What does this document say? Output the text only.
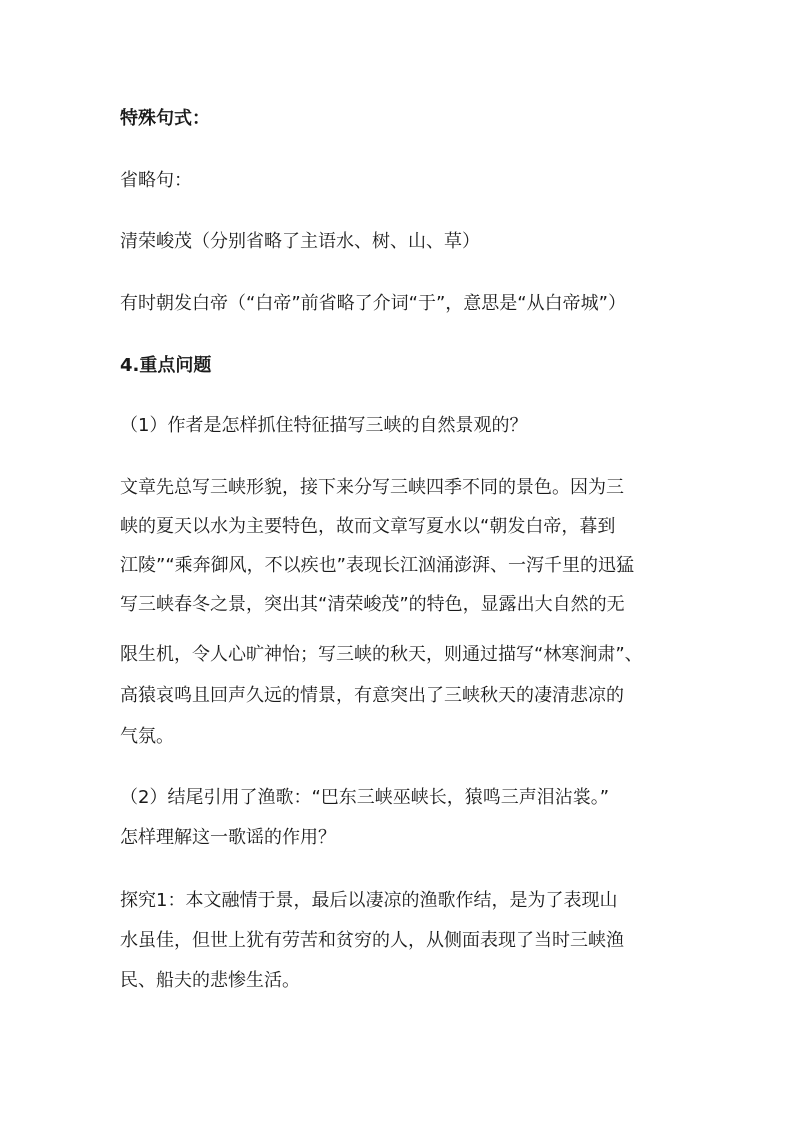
特殊句式：
省略句：
清荣峻茂（分别省略了主语水、树、山、草）
有时朝发白帝（“白帝”前省略了介词“于”，意思是“从白帝城”）
4.重点问题
（1）作者是怎样抓住特征描写三峡的自然景观的？
文章先总写三峡形貌，接下来分写三峡四季不同的景色。因为三
峡的夏天以水为主要特色，故而文章写夏水以“朝发白帝，暮到
江陵”“乘奔御风，不以疾也”表现长江汹涌澎湃、一泻千里的迅猛
写三峡春冬之景，突出其“清荣峻茂”的特色，显露出大自然的无
限生机，令人心旷神怡；写三峡的秋天，则通过描写“林寒涧肃”、
高猿哀鸣且回声久远的情景，有意突出了三峡秋天的凄清悲凉的
气氛。
（2）结尾引用了渔歌：“巴东三峡巫峡长，猿鸣三声泪沾裳。”
怎样理解这一歌谣的作用？
探究1：本文融情于景，最后以凄凉的渔歌作结，是为了表现山
水虽佳，但世上犹有劳苦和贫穷的人，从侧面表现了当时三峡渔
民、船夫的悲惨生活。
